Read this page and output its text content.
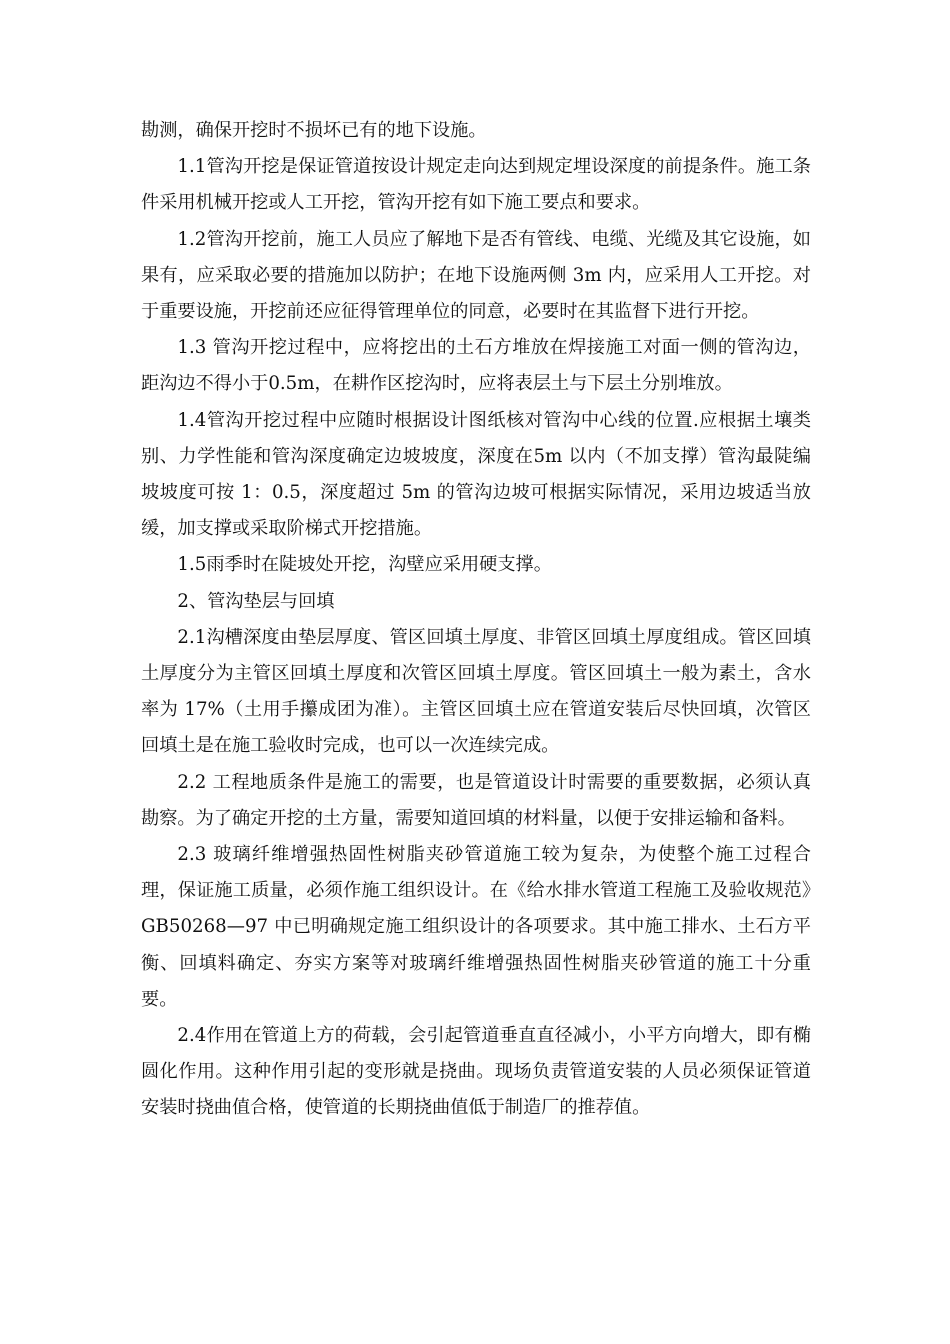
勘测，确保开挖时不损坏已有的地下设施。

1.1管沟开挖是保证管道按设计规定走向达到规定埋设深度的前提条件。施工条件采用机械开挖或人工开挖，管沟开挖有如下施工要点和要求。

1.2管沟开挖前，施工人员应了解地下是否有管线、电缆、光缆及其它设施，如果有，应采取必要的措施加以防护；在地下设施两侧 3m 内，应采用人工开挖。对于重要设施，开挖前还应征得管理单位的同意，必要时在其监督下进行开挖。

1.3 管沟开挖过程中，应将挖出的土石方堆放在焊接施工对面一侧的管沟边，距沟边不得小于0.5m，在耕作区挖沟时，应将表层土与下层土分别堆放。

1.4管沟开挖过程中应随时根据设计图纸核对管沟中心线的位置.应根据土壤类别、力学性能和管沟深度确定边坡坡度，深度在5m 以内（不加支撑）管沟最陡编坡坡度可按 1：0.5，深度超过 5m 的管沟边坡可根据实际情况，采用边坡适当放缓，加支撑或采取阶梯式开挖措施。

1.5雨季时在陡坡处开挖，沟壁应采用硬支撑。

2、管沟垫层与回填

2.1沟槽深度由垫层厚度、管区回填土厚度、非管区回填土厚度组成。管区回填土厚度分为主管区回填土厚度和次管区回填土厚度。管区回填土一般为素土，含水率为 17%（土用手攥成团为准）。主管区回填土应在管道安装后尽快回填，次管区回填土是在施工验收时完成，也可以一次连续完成。

2.2 工程地质条件是施工的需要，也是管道设计时需要的重要数据，必须认真勘察。为了确定开挖的土方量，需要知道回填的材料量，以便于安排运输和备料。

2.3 玻璃纤维增强热固性树脂夹砂管道施工较为复杂，为使整个施工过程合理，保证施工质量，必须作施工组织设计。在《给水排水管道工程施工及验收规范》GB50268—97 中已明确规定施工组织设计的各项要求。其中施工排水、土石方平衡、回填料确定、夯实方案等对玻璃纤维增强热固性树脂夹砂管道的施工十分重要。

2.4作用在管道上方的荷载，会引起管道垂直直径减小，小平方向增大，即有椭圆化作用。这种作用引起的变形就是挠曲。现场负责管道安装的人员必须保证管道安装时挠曲值合格，使管道的长期挠曲值低于制造厂的推荐值。
